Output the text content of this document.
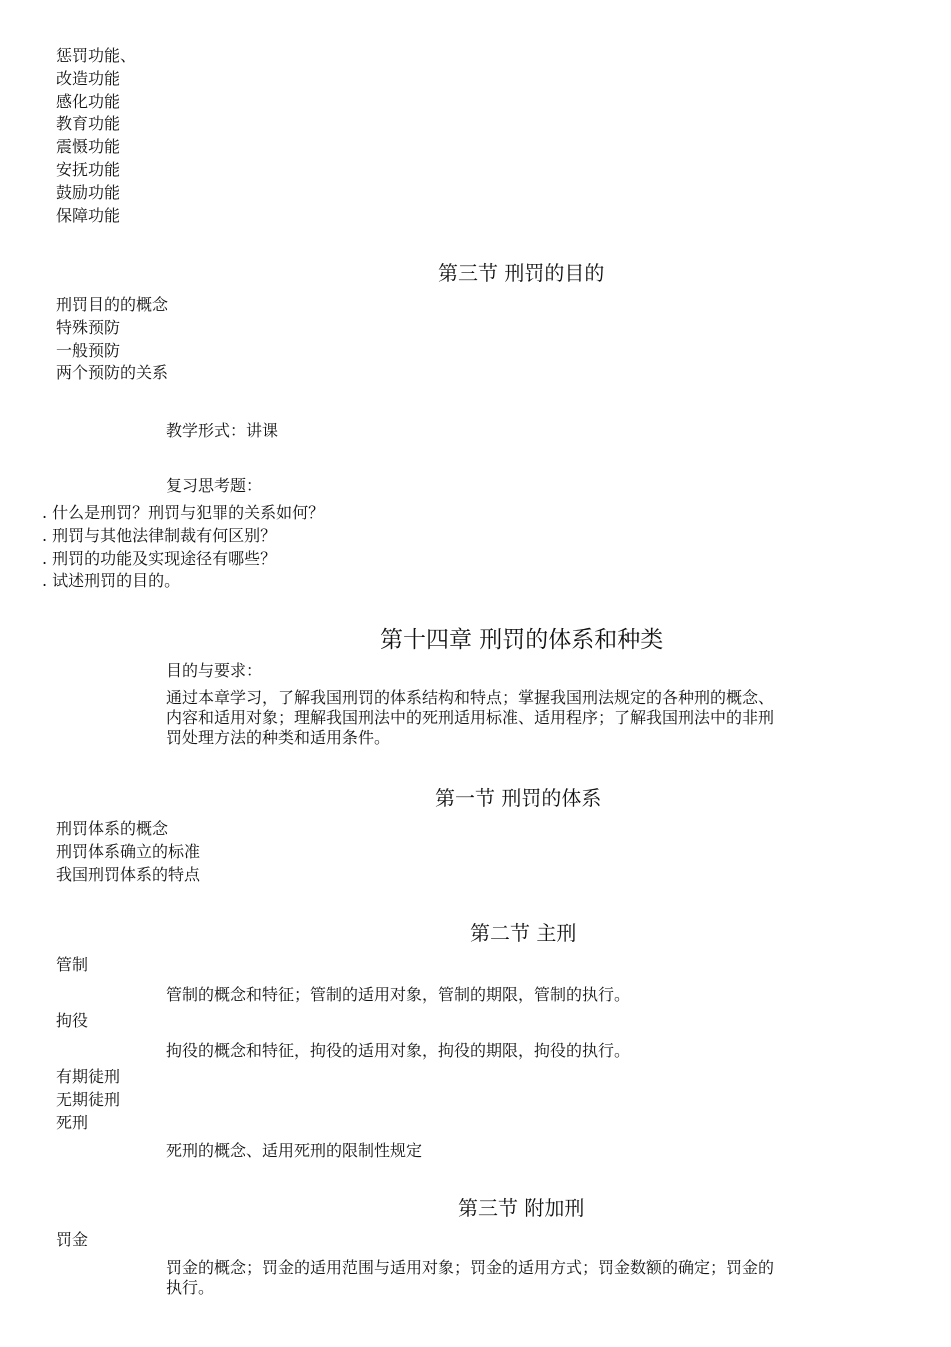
惩罚功能、
改造功能
感化功能
教育功能
震慑功能
安抚功能
鼓励功能
保障功能
第三节 刑罚的目的
刑罚目的的概念
特殊预防
一般预防
两个预防的关系
教学形式：讲课
复习思考题：
. 什么是刑罚？刑罚与犯罪的关系如何？
. 刑罚与其他法律制裁有何区别？
. 刑罚的功能及实现途径有哪些？
. 试述刑罚的目的。
第十四章 刑罚的体系和种类
目的与要求：
通过本章学习，了解我国刑罚的体系结构和特点；掌握我国刑法规定的各种刑的概念、
内容和适用对象；理解我国刑法中的死刑适用标准、适用程序；了解我国刑法中的非刑
罚处理方法的种类和适用条件。
第一节 刑罚的体系
刑罚体系的概念
刑罚体系确立的标准
我国刑罚体系的特点
第二节 主刑
管制
管制的概念和特征；管制的适用对象，管制的期限，管制的执行。
拘役
拘役的概念和特征，拘役的适用对象，拘役的期限，拘役的执行。
有期徒刑
无期徒刑
死刑
死刑的概念、适用死刑的限制性规定
第三节 附加刑
罚金
罚金的概念；罚金的适用范围与适用对象；罚金的适用方式；罚金数额的确定；罚金的
执行。
